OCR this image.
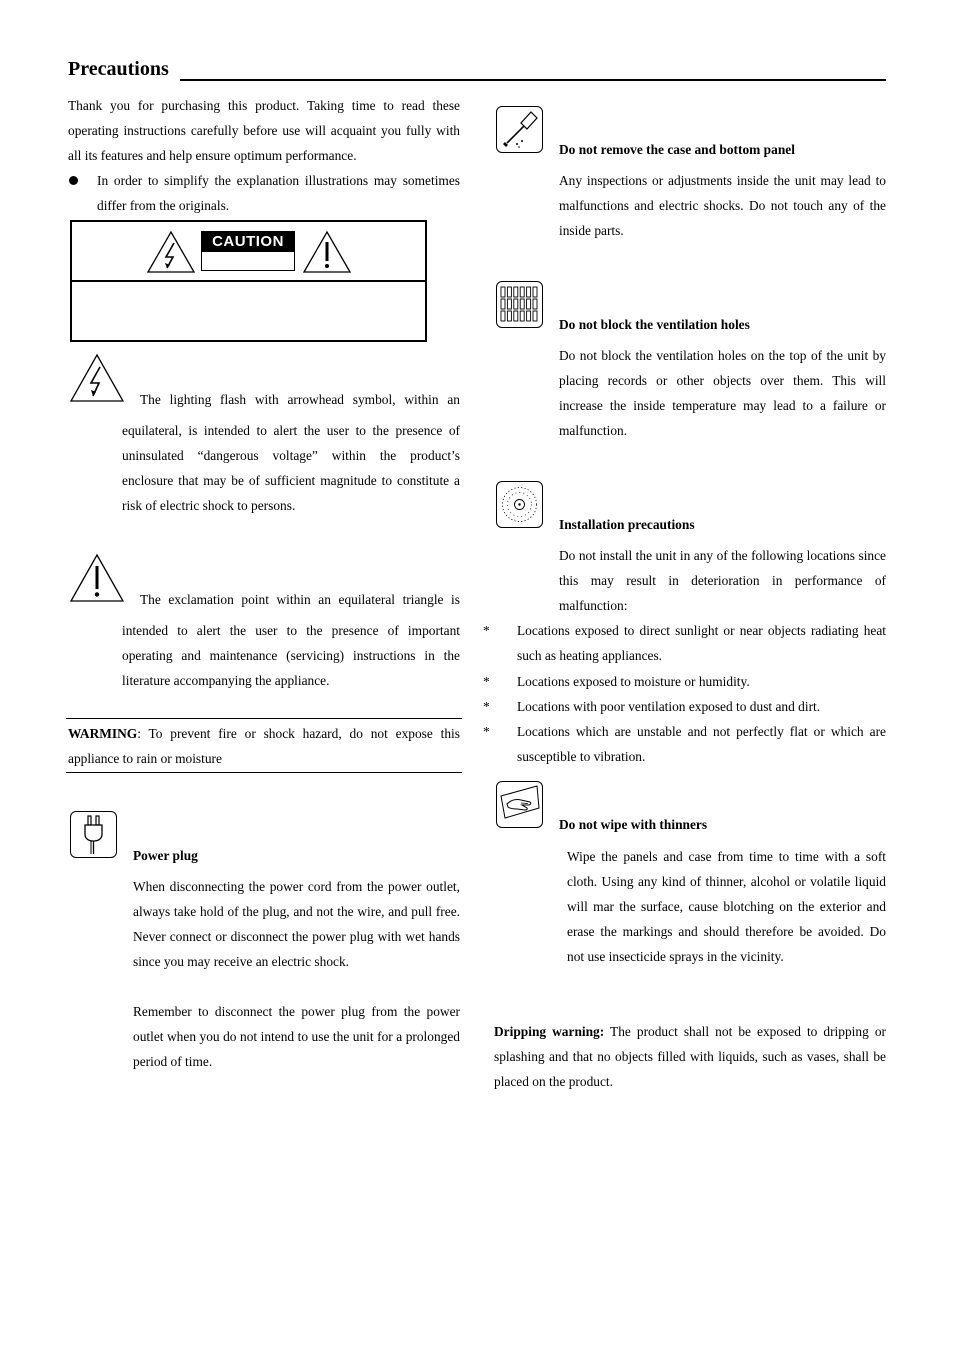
Precautions
Thank you for purchasing this product. Taking time to read these operating instructions carefully before use will acquaint you fully with all its features and help ensure optimum performance.
In order to simplify the explanation illustrations may sometimes differ from the originals.
CAUTION
The lighting flash with arrowhead symbol, within an
equilateral, is intended to alert the user to the presence of uninsulated “dangerous voltage” within the product’s enclosure that may be of sufficient magnitude to constitute a risk of electric shock to persons.
The exclamation point within an equilateral triangle is
intended to alert the user to the presence of important operating and maintenance (servicing) instructions in the literature accompanying the appliance.
WARMING: To prevent fire or shock hazard, do not expose this appliance to rain or moisture
Power plug
When disconnecting the power cord from the power outlet, always take hold of the plug, and not the wire, and pull free. Never connect or disconnect the power plug with wet hands since you may receive an electric shock.
Remember to disconnect the power plug from the power outlet when you do not intend to use the unit for a prolonged period of time.
Do not remove the case and bottom panel
Any inspections or adjustments inside the unit may lead to malfunctions and electric shocks. Do not touch any of the inside parts.
Do not block the ventilation holes
Do not block the ventilation holes on the top of the unit by placing records or other objects over them. This will increase the inside temperature may lead to a failure or malfunction.
Installation precautions
Do not install the unit in any of the following locations since this may result in deterioration in performance of malfunction:
* Locations exposed to direct sunlight or near objects radiating heat such as heating appliances.
* Locations exposed to moisture or humidity.
* Locations with poor ventilation exposed to dust and dirt.
* Locations which are unstable and not perfectly flat or which are susceptible to vibration.
Do not wipe with thinners
Wipe the panels and case from time to time with a soft cloth. Using any kind of thinner, alcohol or volatile liquid will mar the surface, cause blotching on the exterior and erase the markings and should therefore be avoided. Do not use insecticide sprays in the vicinity.
Dripping warning: The product shall not be exposed to dripping or splashing and that no objects filled with liquids, such as vases, shall be placed on the product.
